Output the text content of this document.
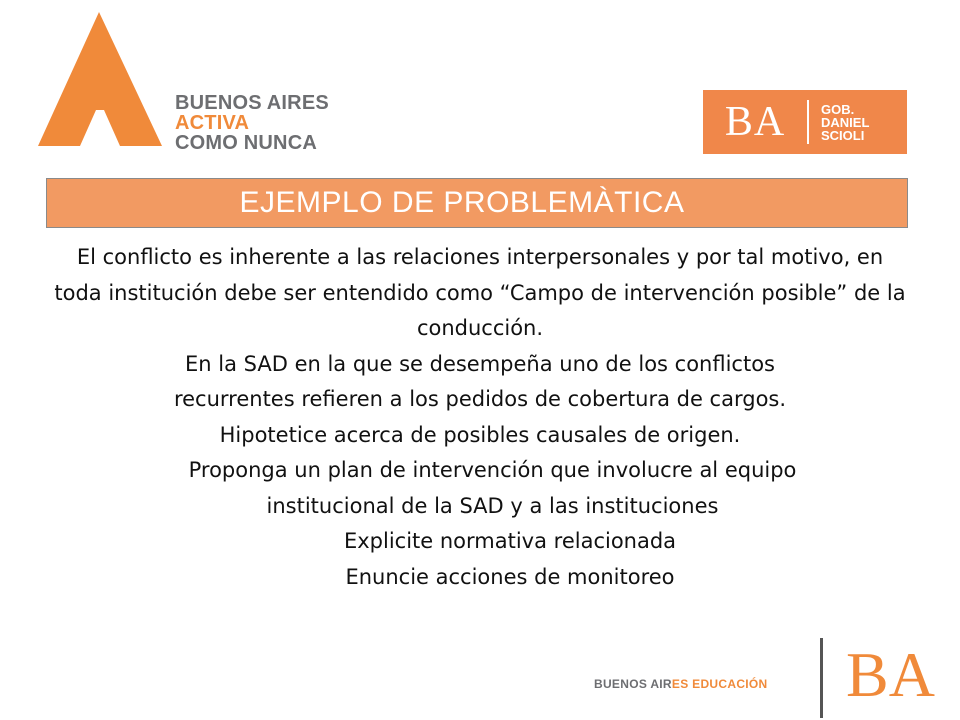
BUENOS AIRES
ACTIVA
COMO NUNCA	BA	GOB.
DANIEL
SCIOLI
EJEMPLO DE PROBLEMÀTICA

El conflicto es inherente a las relaciones interpersonales y por tal motivo, en toda institución debe ser entendido como “Campo de intervención posible” de la conducción.

En la SAD en la que se desempeña uno de los conflictos recurrentes refieren a los pedidos de cobertura de cargos.

Hipotetice acerca de posibles causales de origen.

Proponga un plan de intervención que involucre al equipo institucional de la SAD y a las instituciones

Explicite normativa relacionada

Enuncie acciones de monitoreo

BUENOS AIRES EDUCACIÓN BA
